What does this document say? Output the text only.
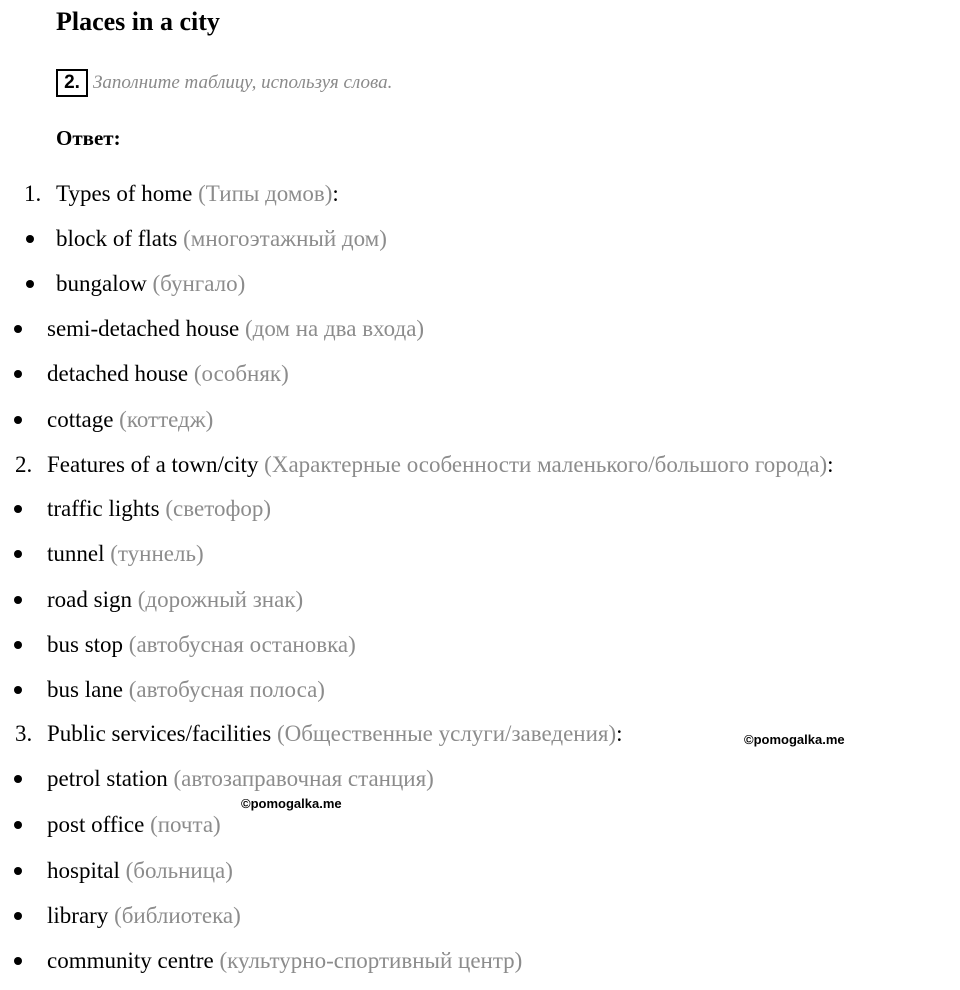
Places in a city
2. Заполните таблицу, используя слова.
Ответ:
1. Types of home (Типы домов):
block of flats (многоэтажный дом)
bungalow (бунгало)
semi-detached house (дом на два входа)
detached house (особняк)
cottage (коттедж)
2. Features of a town/city (Характерные особенности маленького/большого города):
traffic lights (светофор)
tunnel (туннель)
road sign (дорожный знак)
bus stop (автобусная остановка)
bus lane (автобусная полоса)
3. Public services/facilities (Общественные услуги/заведения):
petrol station (автозаправочная станция)
post office (почта)
hospital (больница)
library (библиотека)
community centre (культурно-спортивный центр)
©pomogalka.me
©pomogalka.me
